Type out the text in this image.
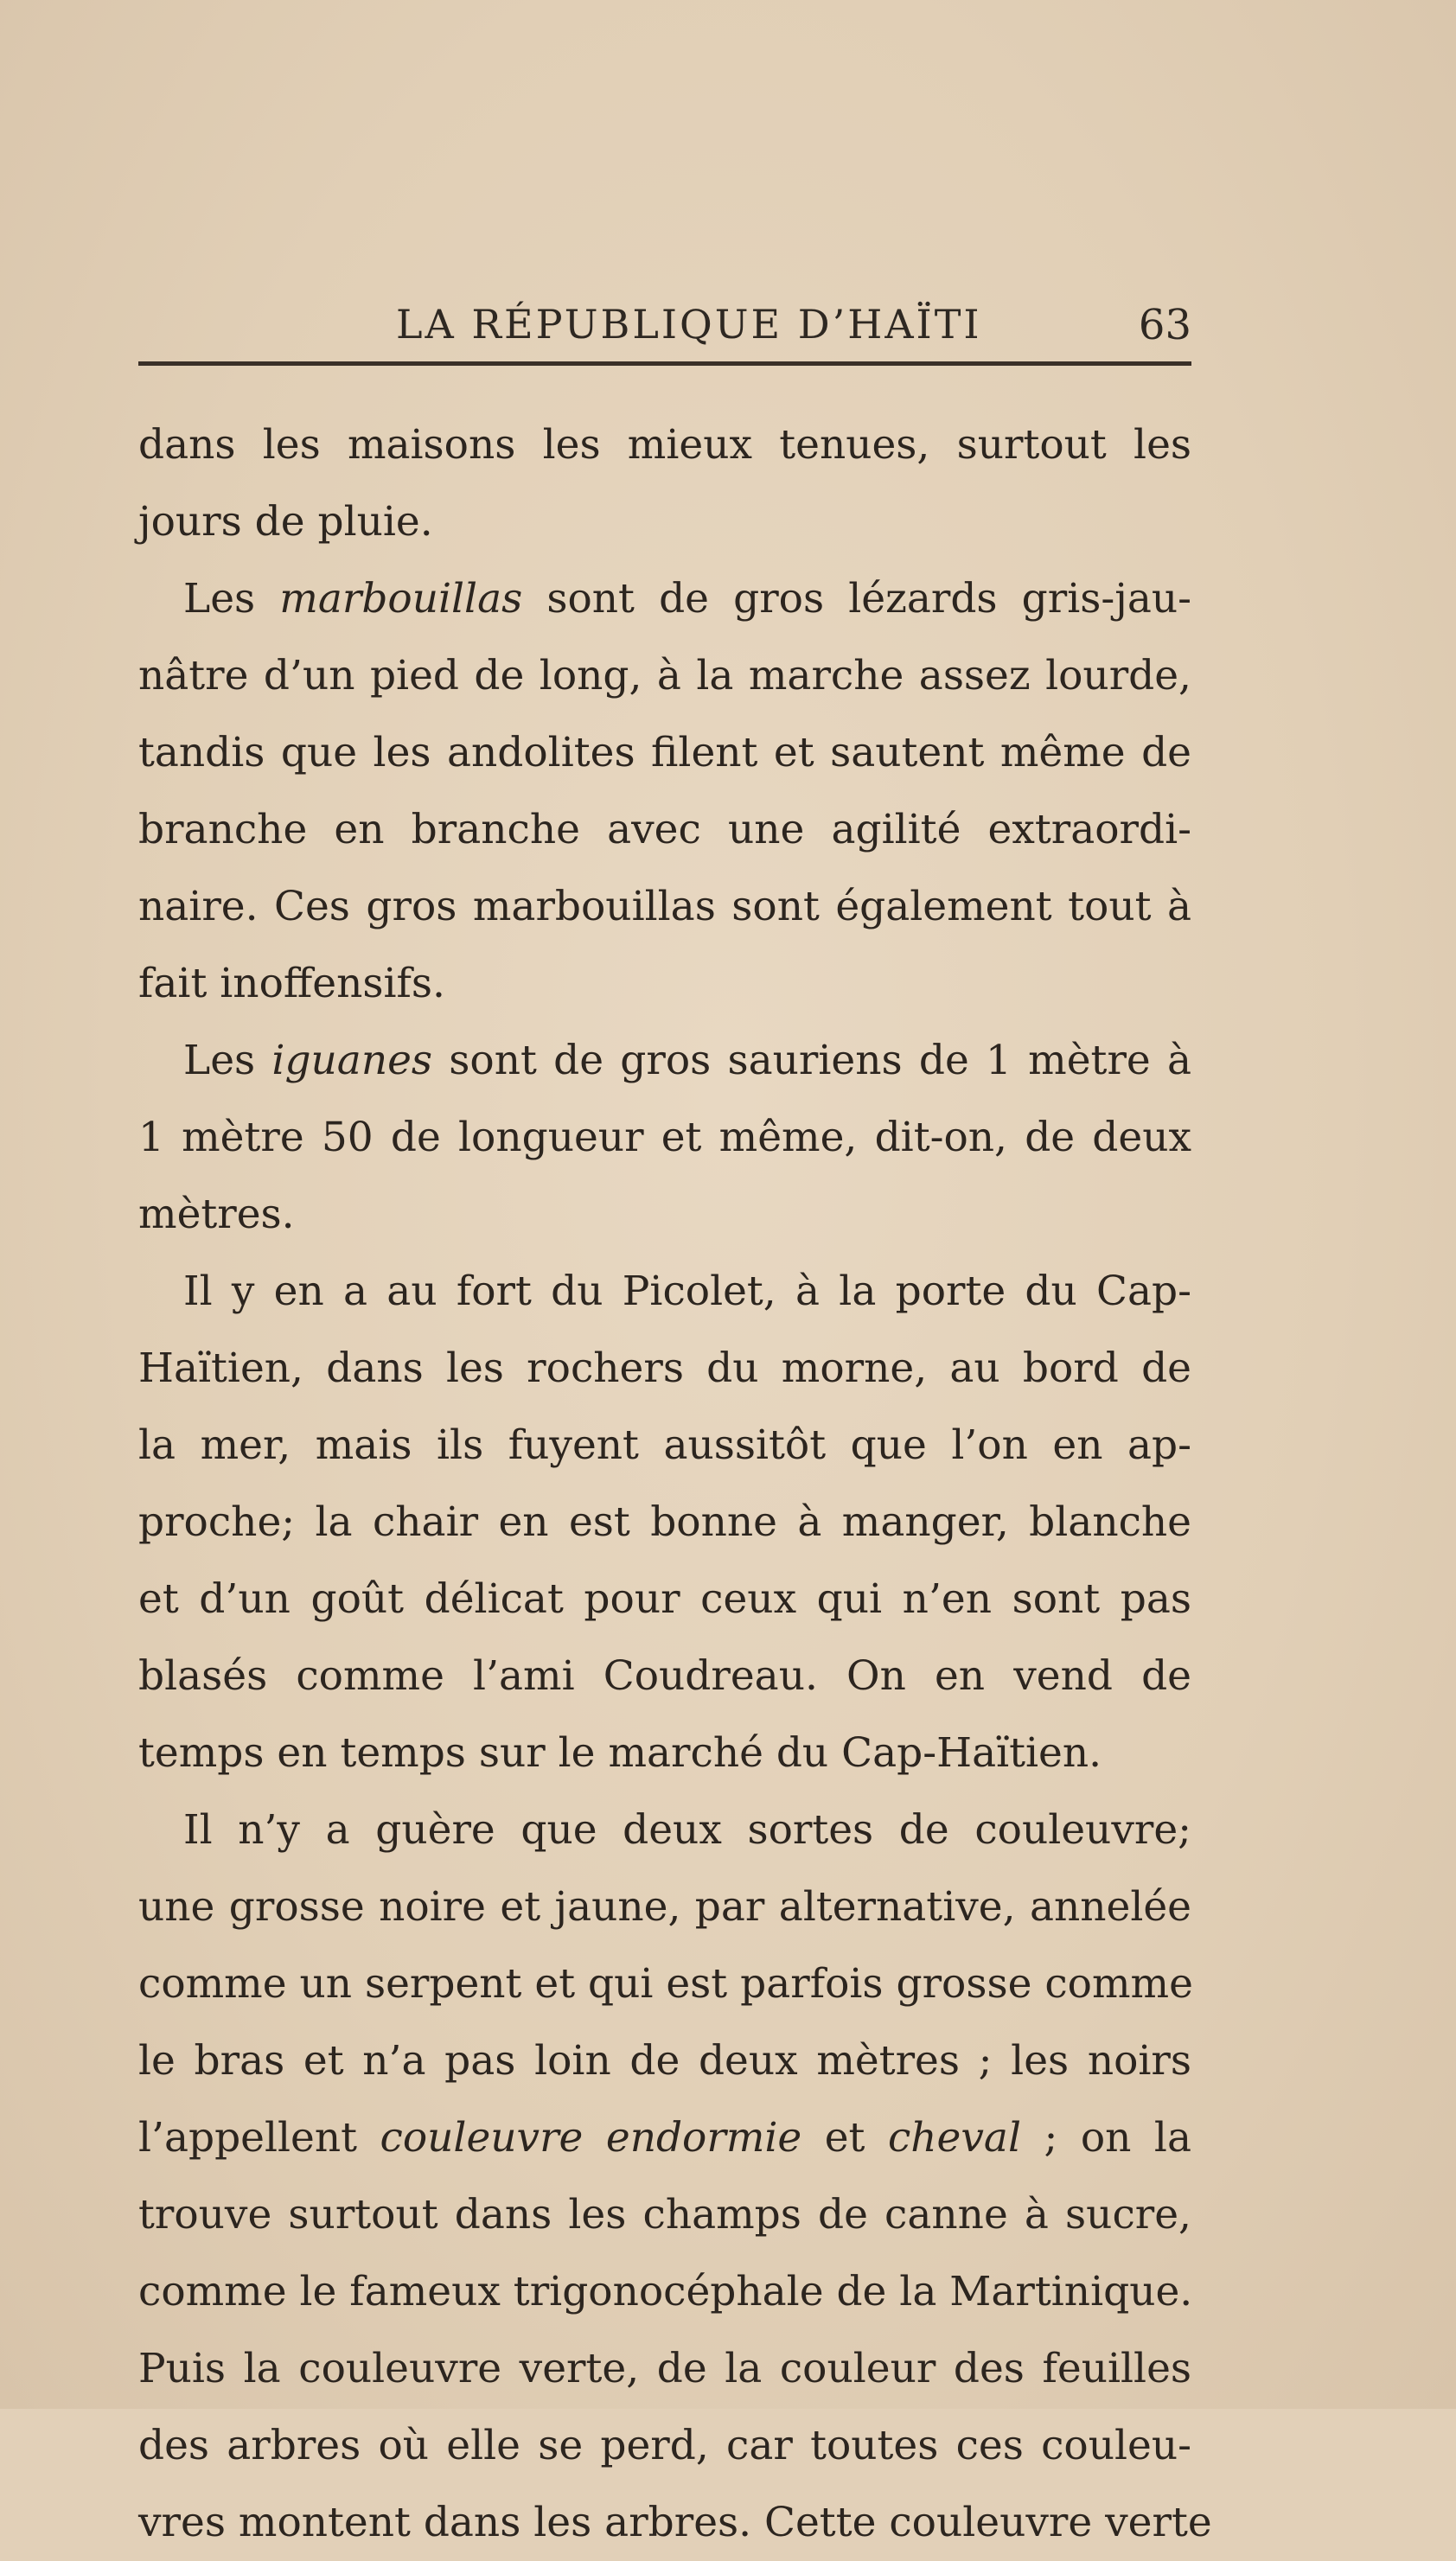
LA RÉPUBLIQUE D’HAÏTI	63
dans les maisons les mieux tenues, surtout les
jours de pluie.
Les marbouillas sont de gros lézards gris-jau-
nâtre d’un pied de long, à la marche assez lourde,
tandis que les andolites filent et sautent même de
branche en branche avec une agilité extraordi-
naire. Ces gros marbouillas sont également tout à
fait inoffensifs.
Les iguanes sont de gros sauriens de 1 mètre à
1 mètre 50 de longueur et même, dit-on, de deux
mètres.
Il y en a au fort du Picolet, à la porte du Cap-
Haïtien, dans les rochers du morne, au bord de
la mer, mais ils fuyent aussitôt que l’on en ap-
proche; la chair en est bonne à manger, blanche
et d’un goût délicat pour ceux qui n’en sont pas
blasés comme l’ami Coudreau. On en vend de
temps en temps sur le marché du Cap-Haïtien.
Il n’y a guère que deux sortes de couleuvre;
une grosse noire et jaune, par alternative, annelée
comme un serpent et qui est parfois grosse comme
le bras et n’a pas loin de deux mètres ; les noirs
l’appellent couleuvre endormie et cheval ; on la
trouve surtout dans les champs de canne à sucre,
comme le fameux trigonocéphale de la Martinique.
Puis la couleuvre verte, de la couleur des feuilles
des arbres où elle se perd, car toutes ces couleu-
vres montent dans les arbres. Cette couleuvre verte
